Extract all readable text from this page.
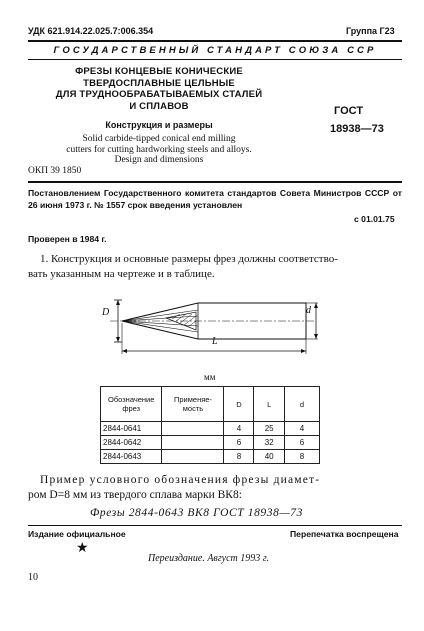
УДК 621.914.22.025.7:006.354	Группа Г23
ГОСУДАРСТВЕННЫЙ СТАНДАРТ СОЮЗА ССР
ФРЕЗЫ КОНЦЕВЫЕ КОНИЧЕСКИЕ
ТВЕРДОСПЛАВНЫЕ ЦЕЛЬНЫЕ
ДЛЯ ТРУДНООБРАБАТЫВАЕМЫХ СТАЛЕЙ
И СПЛАВОВ
Конструкция и размеры
Solid carbide-tipped conical end milling
cutters for cutting hardworking steels and alloys.
Design and dimensions
ОКП 39 1850
ГОСТ
18938—73
Постановлением Государственного комитета стандартов Совета Министров СССР от 26 июня 1973 г. № 1557 срок введения установлен
с 01.01.75
Проверен в 1984 г.
1. Конструкция и основные размеры фрез должны соответство-
вать указанным на чертеже и в таблице.
D	d
L
мм
Обозначение фрез	Применяе-мость	D	L	d
2844-0641		4	25	4
2844-0642		6	32	6
2844-0643		8	40	8
Пример условного обозначения фрезы диамет-
ром D=8 мм из твердого сплава марки ВК8:
Фрезы 2844-0643 ВК8 ГОСТ 18938—73
Издание официальное	Перепечатка воспрещена
★
Переиздание. Август 1993 г.
10
